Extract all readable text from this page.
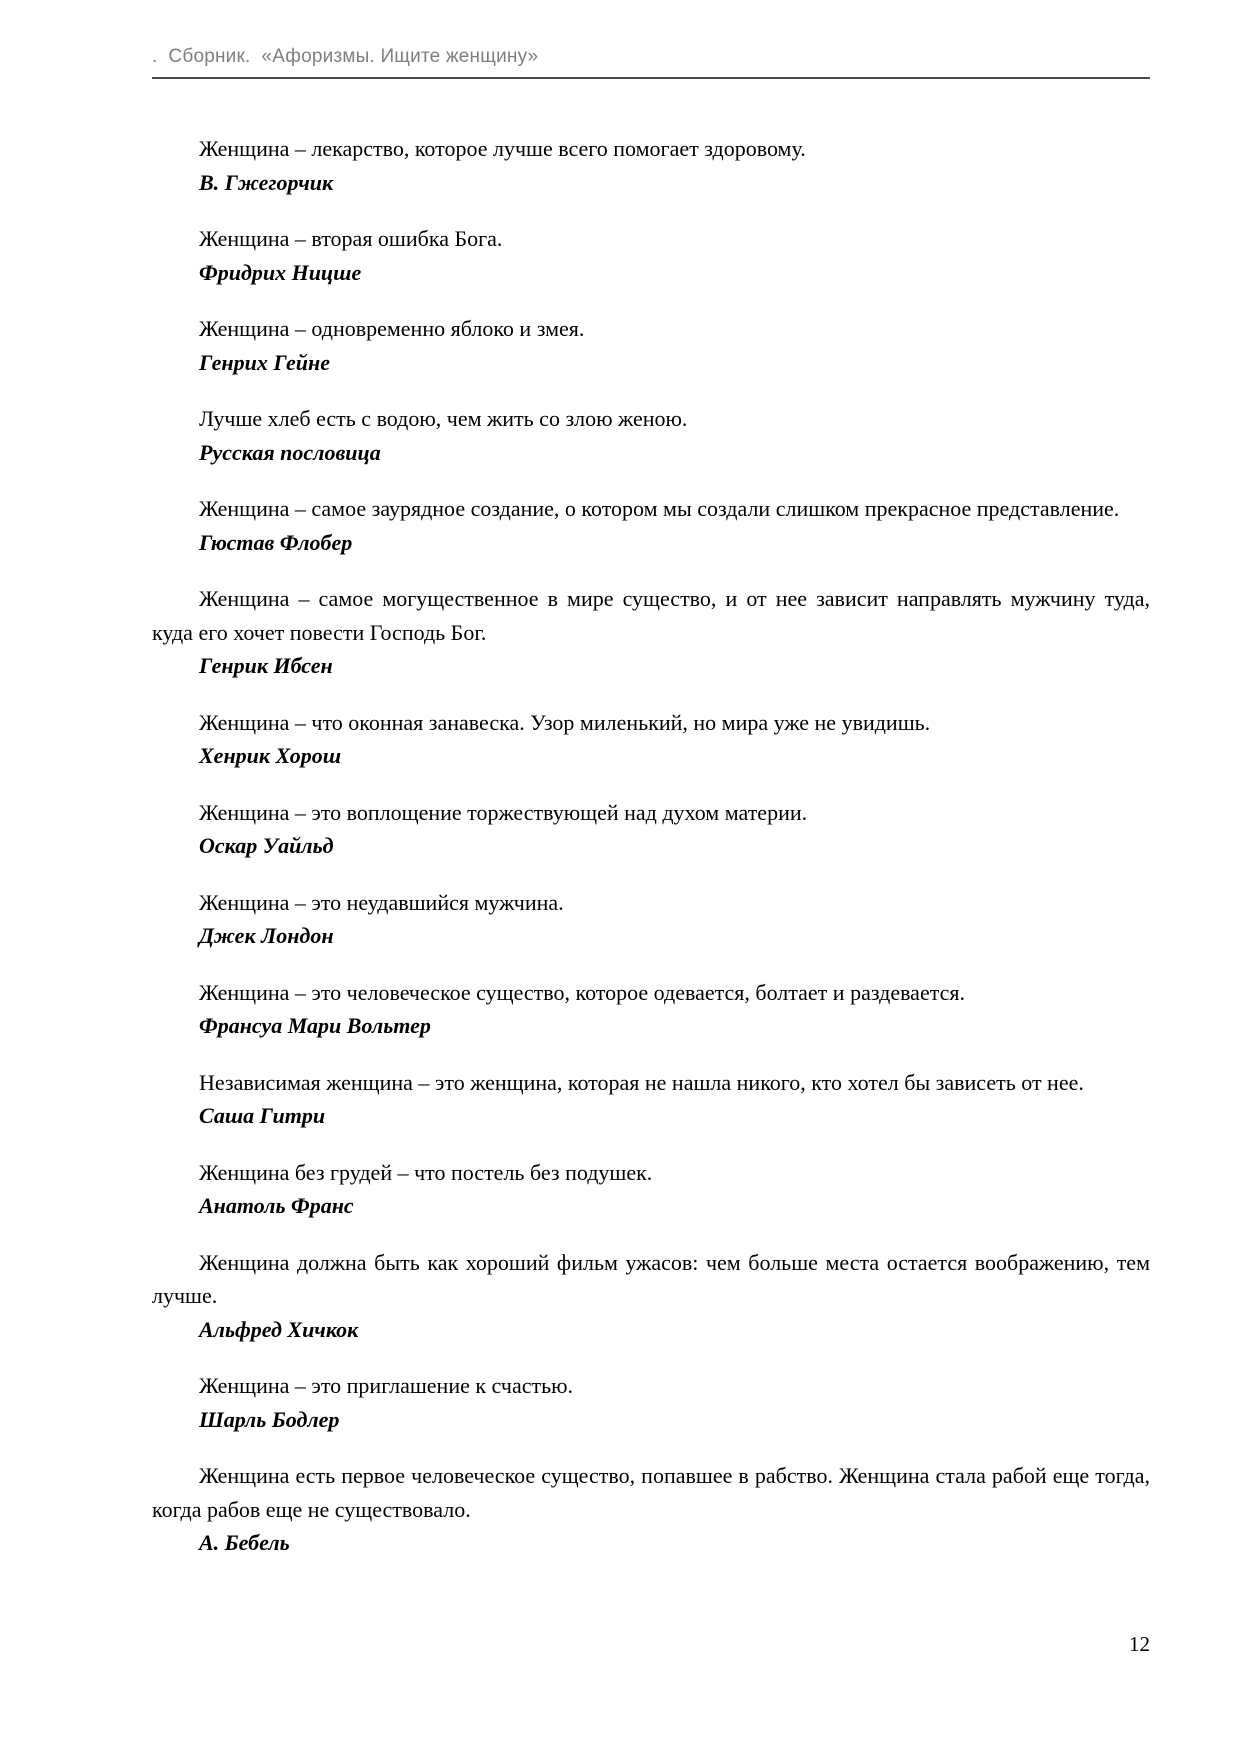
.  Сборник.  «Афоризмы. Ищите женщину»

Женщина – лекарство, которое лучше всего помогает здоровому.

В. Гжегорчик

Женщина – вторая ошибка Бога.

Фридрих Ницше

Женщина – одновременно яблоко и змея.

Генрих Гейне

Лучше хлеб есть с водою, чем жить со злою женою.

Русская пословица

Женщина – самое заурядное создание, о котором мы создали слишком прекрасное представление.

Гюстав Флобер

Женщина – самое могущественное в мире существо, и от нее зависит направлять мужчину туда, куда его хочет повести Господь Бог.

Генрик Ибсен

Женщина – что оконная занавеска. Узор миленький, но мира уже не увидишь.

Хенрик Хорош

Женщина – это воплощение торжествующей над духом материи.

Оскар Уайльд

Женщина – это неудавшийся мужчина.

Джек Лондон

Женщина – это человеческое существо, которое одевается, болтает и раздевается.

Франсуа Мари Вольтер

Независимая женщина – это женщина, которая не нашла никого, кто хотел бы зависеть от нее.

Саша Гитри

Женщина без грудей – что постель без подушек.

Анатоль Франс

Женщина должна быть как хороший фильм ужасов: чем больше места остается воображению, тем лучше.

Альфред Хичкок

Женщина – это приглашение к счастью.

Шарль Бодлер

Женщина есть первое человеческое существо, попавшее в рабство. Женщина стала рабой еще тогда, когда рабов еще не существовало.

А. Бебель

12
